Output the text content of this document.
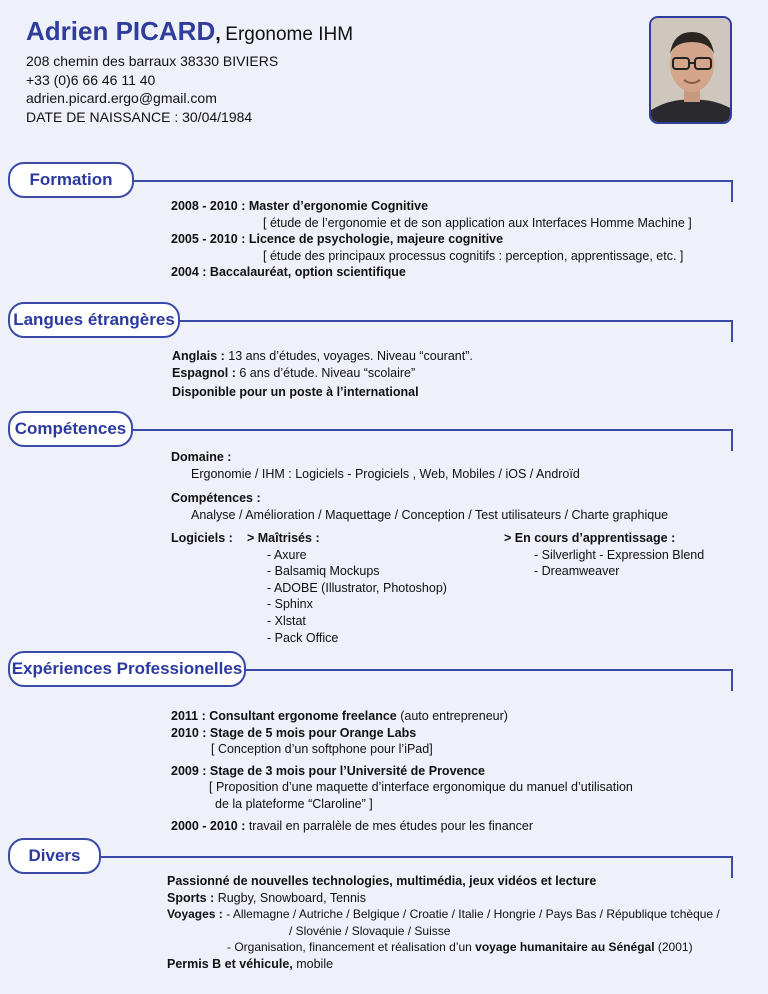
Adrien PICARD, Ergonome IHM
208 chemin des barraux 38330 BIVIERS
+33 (0)6 66 46 11 40
adrien.picard.ergo@gmail.com
DATE DE NAISSANCE : 30/04/1984
Formation
2008 - 2010 : Master d’ergonomie Cognitive
[ étude de l’ergonomie et de son application aux Interfaces Homme Machine ]
2005 - 2010 : Licence de psychologie, majeure cognitive
[ étude des principaux processus cognitifs : perception, apprentissage, etc. ]
2004 : Baccalauréat, option scientifique
Langues étrangères
Anglais : 13 ans d’études, voyages. Niveau “courant”.
Espagnol : 6 ans d’étude. Niveau “scolaire”
Disponible pour un poste à l’international
Compétences
Domaine :
Ergonomie / IHM : Logiciels - Progiciels , Web, Mobiles / iOS / Androïd
Compétences :
Analyse / Amélioration / Maquettage / Conception / Test utilisateurs / Charte graphique
Logiciels : > Maîtrisés :
- Axure
- Balsamiq Mockups
- ADOBE (Illustrator, Photoshop)
- Sphinx
- Xlstat
- Pack Office
> En cours d’apprentissage :
- Silverlight - Expression Blend
- Dreamweaver
Expériences Professionelles
2011 : Consultant ergonome freelance (auto entrepreneur)
2010 : Stage de 5 mois pour Orange Labs
[ Conception d’un softphone pour l’iPad]
2009 : Stage de 3 mois pour l’Université de Provence
[ Proposition d’une maquette d’interface ergonomique du manuel d’utilisation
de la plateforme “Claroline” ]
2000 - 2010 : travail en parralèle de mes études pour les financer
Divers
Passionné de nouvelles technologies, multimédia, jeux vidéos et lecture
Sports : Rugby, Snowboard, Tennis
Voyages : - Allemagne / Autriche / Belgique / Croatie / Italie / Hongrie / Pays Bas / République tchèque /
/ Slovénie / Slovaquie / Suisse
- Organisation, financement et réalisation d’un voyage humanitaire au Sénégal (2001)
Permis B et véhicule, mobile
